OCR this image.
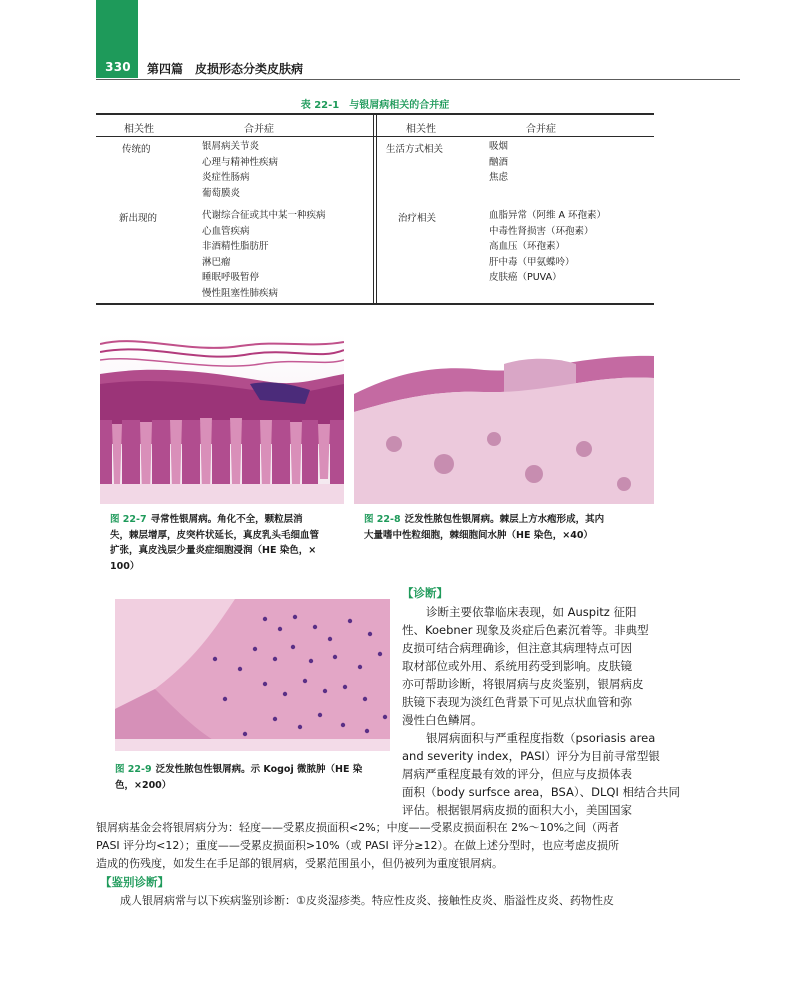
330	第四篇　皮损形态分类皮肤病
表 22-1　与银屑病相关的合并症
相关性	合并症	相关性	合并症
传统的	银屑病关节炎
心理与精神性疾病
炎症性肠病
葡萄膜炎
新出现的	代谢综合征或其中某一种疾病
心血管疾病
非酒精性脂肪肝
淋巴瘤
睡眠呼吸暂停
慢性阻塞性肺疾病
生活方式相关	吸烟
酗酒
焦虑
治疗相关	血脂异常（阿维 A 环孢素）
中毒性肾损害（环孢素）
高血压（环孢素）
肝中毒（甲氨蝶呤）
皮肤癌（PUVA）
图 22-7 寻常性银屑病。角化不全，颗粒层消
失，棘层增厚，皮突杵状延长，真皮乳头毛细血管
扩张，真皮浅层少量炎症细胞浸润（HE 染色，×
100）
图 22-8 泛发性脓包性银屑病。棘层上方水疱形成，其内
大量嗜中性粒细胞，棘细胞间水肿（HE 染色，×40）
图 22-9 泛发性脓包性银屑病。示 Kogoj 微脓肿（HE 染
色，×200）
【诊断】
诊断主要依靠临床表现，如 Auspitz 征阳
性、Koebner 现象及炎症后色素沉着等。非典型
皮损可结合病理确诊，但注意其病理特点可因
取材部位或外用、系统用药受到影响。皮肤镜
亦可帮助诊断，将银屑病与皮炎鉴别，银屑病皮
肤镜下表现为淡红色背景下可见点状血管和弥
漫性白色鳞屑。
银屑病面积与严重程度指数（psoriasis area
and severity index，PASI）评分为目前寻常型银
屑病严重程度最有效的评分，但应与皮损体表
面积（body surfsce area，BSA）、DLQI 相结合共同
评估。根据银屑病皮损的面积大小，美国国家
银屑病基金会将银屑病分为：轻度——受累皮损面积<2%；中度——受累皮损面积在 2%～10%之间（两者
PASI 评分均<12）；重度——受累皮损面积>10%（或 PASI 评分≥12）。在做上述分型时，也应考虑皮损所
造成的伤残度，如发生在手足部的银屑病，受累范围虽小，但仍被列为重度银屑病。
【鉴别诊断】
成人银屑病常与以下疾病鉴别诊断：①皮炎湿疹类。特应性皮炎、接触性皮炎、脂溢性皮炎、药物性皮
